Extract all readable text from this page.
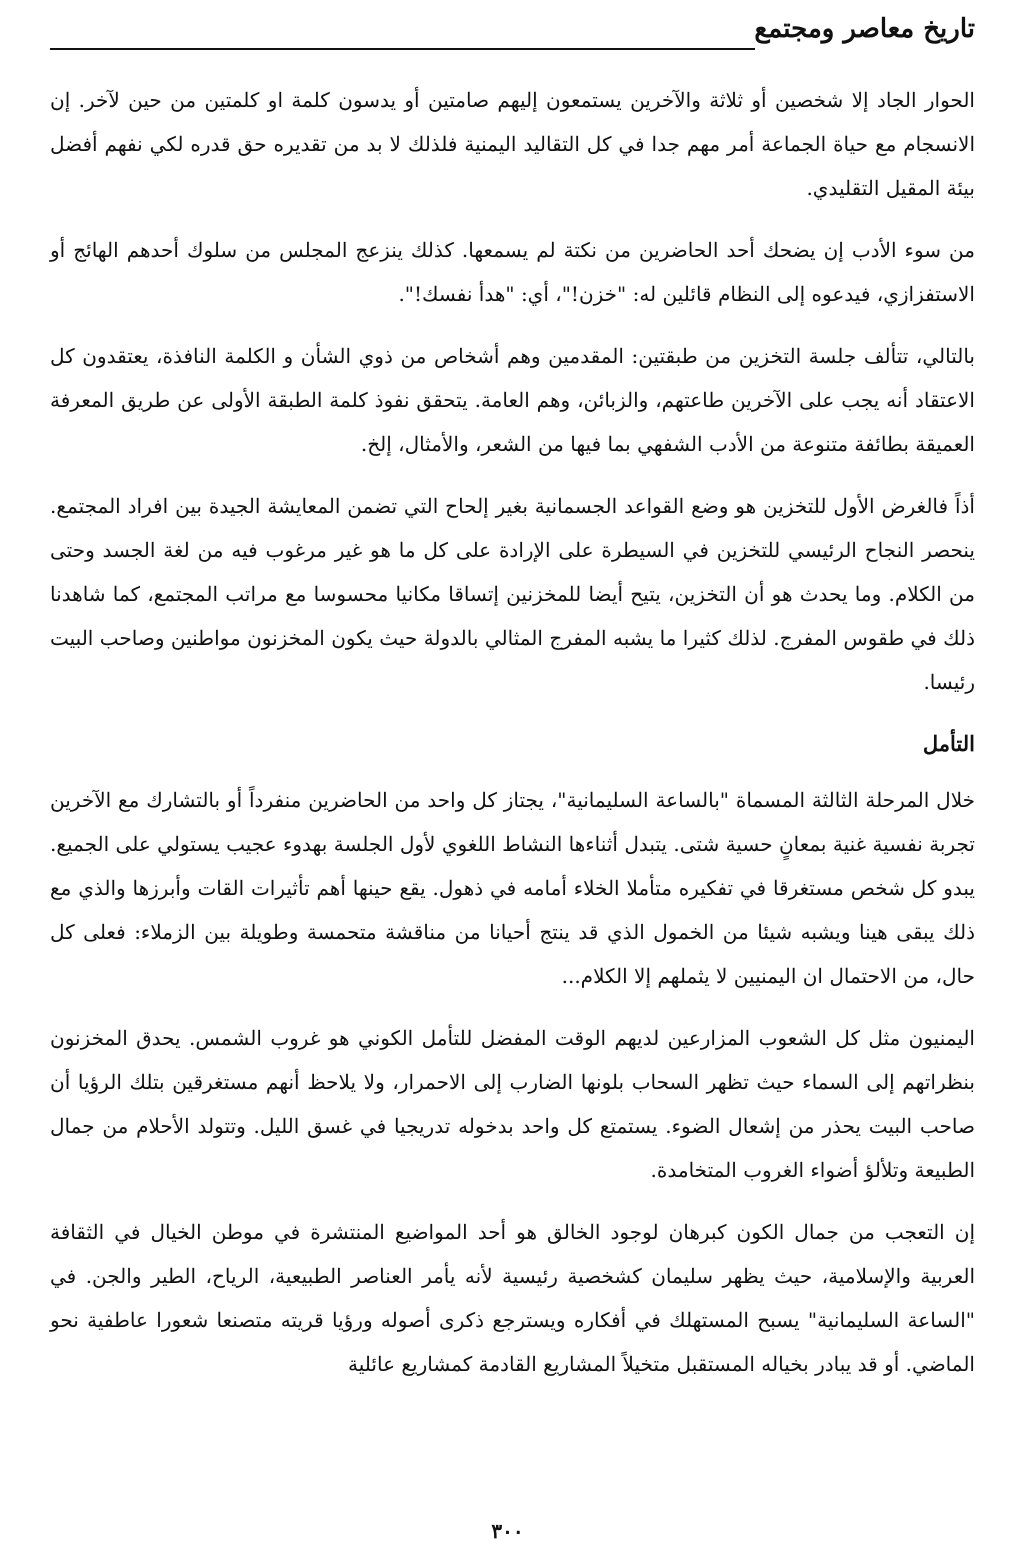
تاريخ معاصر ومجتمع

الحوار الجاد إلا شخصين أو ثلاثة والآخرين يستمعون إليهم صامتين أو يدسون كلمة او كلمتين من حين لآخر. إن الانسجام مع حياة الجماعة أمر مهم جدا في كل التقاليد اليمنية فلذلك لا بد من تقديره حق قدره لكي نفهم أفضل بيئة المقيل التقليدي.

من سوء الأدب إن يضحك أحد الحاضرين من نكتة لم يسمعها. كذلك ينزعج المجلس من سلوك أحدهم الهائج أو الاستفزازي، فيدعوه إلى النظام قائلين له: "خزن!"، أي: "هدأ نفسك!".

بالتالي، تتألف جلسة التخزين من طبقتين: المقدمين وهم أشخاص من ذوي الشأن و الكلمة النافذة، يعتقدون كل الاعتقاد أنه يجب على الآخرين طاعتهم، والزبائن، وهم العامة. يتحقق نفوذ كلمة الطبقة الأولى عن طريق المعرفة العميقة بطائفة متنوعة من الأدب الشفهي بما فيها من الشعر، والأمثال، إلخ.

أذاً فالغرض الأول للتخزين هو وضع القواعد الجسمانية بغير إلحاح التي تضمن المعايشة الجيدة بين افراد المجتمع. ينحصر النجاح الرئيسي للتخزين في السيطرة على الإرادة على كل ما هو غير مرغوب فيه من لغة الجسد وحتى من الكلام. وما يحدث هو أن التخزين، يتيح أيضا للمخزنين إتساقا مكانيا محسوسا مع مراتب المجتمع، كما شاهدنا ذلك في طقوس المفرج. لذلك كثيرا ما يشبه المفرج المثالي بالدولة حيث يكون المخزنون مواطنين وصاحب البيت رئيسا.

التأمل

خلال المرحلة الثالثة المسماة "بالساعة السليمانية"، يجتاز كل واحد من الحاضرين منفرداً أو بالتشارك مع الآخرين تجربة نفسية غنية بمعانٍ حسية شتى. يتبدل أثناءها النشاط اللغوي لأول الجلسة بهدوء عجيب يستولي على الجميع. يبدو كل شخص مستغرقا في تفكيره متأملا الخلاء أمامه في ذهول. يقع حينها أهم تأثيرات القات وأبرزها والذي مع ذلك يبقى هينا ويشبه شيئا من الخمول الذي قد ينتج أحيانا من مناقشة متحمسة وطويلة بين الزملاء: فعلى كل حال، من الاحتمال ان اليمنيين لا يثملهم إلا الكلام...

اليمنيون مثل كل الشعوب المزارعين لديهم الوقت المفضل للتأمل الكوني هو غروب الشمس. يحدق المخزنون بنظراتهم إلى السماء حيث تظهر السحاب بلونها الضارب إلى الاحمرار، ولا يلاحظ أنهم مستغرقين بتلك الرؤيا أن صاحب البيت يحذر من إشعال الضوء. يستمتع كل واحد بدخوله تدريجيا في غسق الليل. وتتولد الأحلام من جمال الطبيعة وتلألؤ أضواء الغروب المتخامدة.

إن التعجب من جمال الكون كبرهان لوجود الخالق هو أحد المواضيع المنتشرة في موطن الخيال في الثقافة العربية والإسلامية، حيث يظهر سليمان كشخصية رئيسية لأنه يأمر العناصر الطبيعية، الرياح، الطير والجن. في "الساعة السليمانية" يسبح المستهلك في أفكاره ويسترجع ذكرى أصوله ورؤيا قريته متصنعا شعورا عاطفية نحو الماضي. أو قد يبادر بخياله المستقبل متخيلاً المشاريع القادمة كمشاريع عائلية

٣٠٠
